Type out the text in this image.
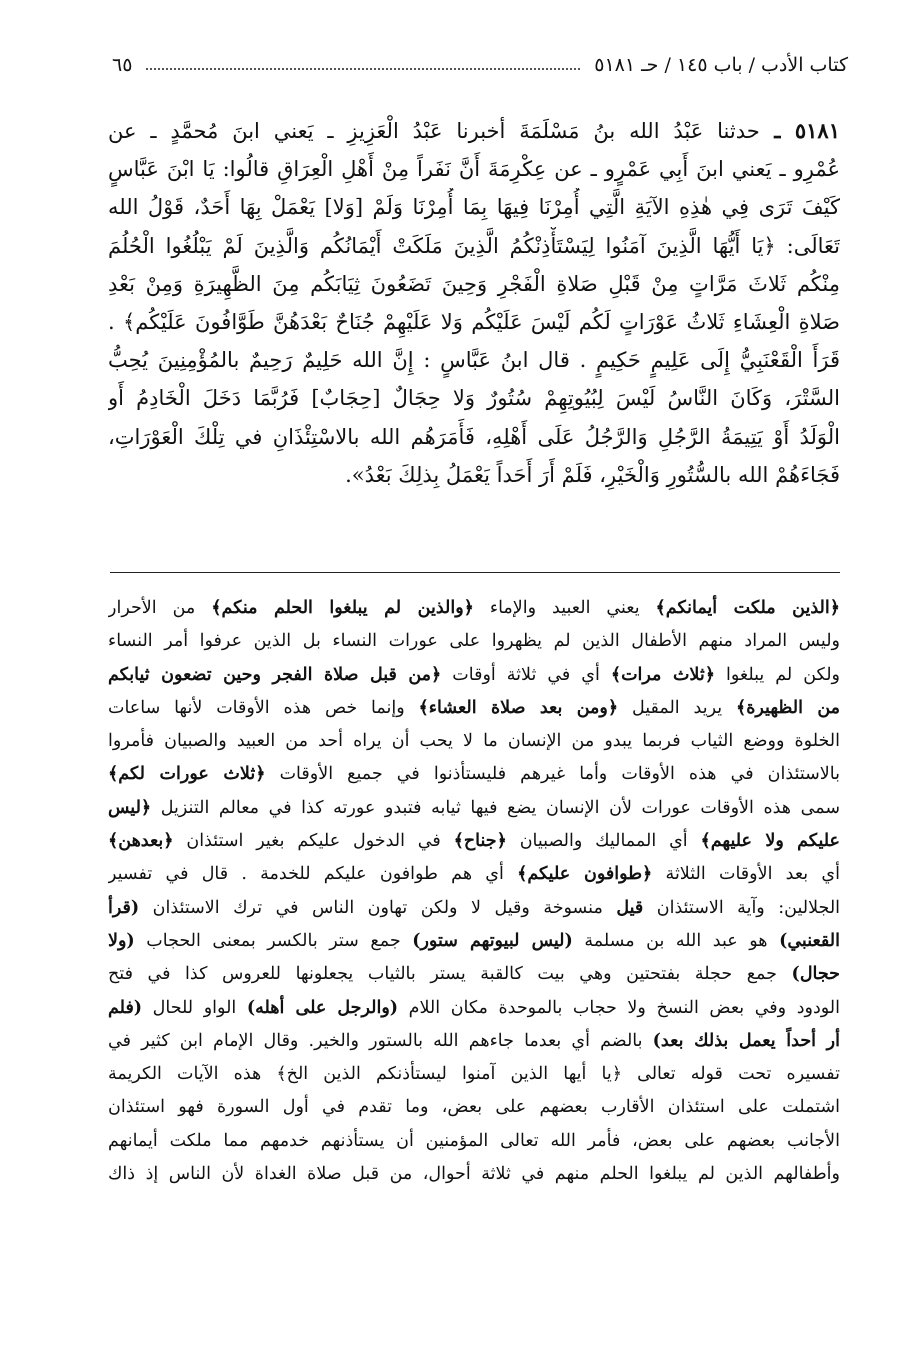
كتاب الأدب / باب ١٤٥ / حـ ٥١٨١
٦٥
٥١٨١ ـ حدثنا عَبْدُ الله بنُ مَسْلَمَةَ أخبرنا عَبْدُ الْعَزِيزِ ـ يَعني ابنَ مُحمَّدٍ ـ عن
عُمْرِو ـ يَعني ابنَ أَبِي عَمْرٍو ـ عن عِكْرِمَةَ أَنَّ نَفَراً مِنْ أَهْلِ الْعِرَاقِ قالُوا: يَا ابْنَ عَبَّاسٍ
كَيْفَ تَرَى فِي هٰذِهِ الآيَةِ الَّتِي أُمِرْنَا فِيهَا بِمَا أُمِرْنَا وَلَمْ [وَلا] يَعْمَلْ بِهَا أَحَدٌ، قَوْلُ الله
تَعَالَى: ﴿يَا أَيُّهَا الَّذِينَ آمَنُوا لِيَسْتَأْذِنْكُمُ الَّذِينَ مَلَكَتْ أَيْمَانُكُم وَالَّذِينَ لَمْ يَبْلُغُوا الْحُلُمَ
مِنْكُم ثَلاثَ مَرَّاتٍ مِنْ قَبْلِ صَلاةِ الْفَجْرِ وَحِينَ تَضَعُونَ ثِيَابَكُم مِنَ الظَّهِيرَةِ وَمِنْ بَعْدِ
صَلاةِ الْعِشَاءِ ثَلاثُ عَوْرَاتٍ لَكُم لَيْسَ عَلَيْكُم وَلا عَلَيْهِمْ جُنَاحٌ بَعْدَهُنَّ طَوَّافُونَ عَلَيْكُم﴾ .
قَرَأَ الْقَعْنَبِيُّ إِلَى عَلِيمٍ حَكِيمٍ . قال ابنُ عَبَّاسٍ : إِنَّ الله حَلِيمٌ رَحِيمٌ بالمُؤْمِنِينَ يُحِبُّ
السَّتْرَ، وَكَانَ النَّاسُ لَيْسَ لِبُيُوتِهِمْ سُتُورٌ وَلا حِجَالٌ [حِجَابٌ] فَرُبَّمَا دَخَلَ الْخَادِمُ أَو
الْوَلَدُ أَوْ يَتِيمَةُ الرَّجُلِ وَالرَّجُلُ عَلَى أَهْلِهِ، فَأَمَرَهُم الله بالاسْتِئْذَانِ في تِلْكَ الْعَوْرَاتِ،
فَجَاءَهُمْ الله بالسُّتُورِ وَالْخَيْرِ، فَلَمْ أَرَ أَحَداً يَعْمَلُ بِذلِكَ بَعْدُ».
﴿الذين ملكت أيمانكم﴾ يعني العبيد والإماء ﴿والذين لم يبلغوا الحلم منكم﴾ من الأحرار
وليس المراد منهم الأطفال الذين لم يظهروا على عورات النساء بل الذين عرفوا أمر النساء
ولكن لم يبلغوا ﴿ثلاث مرات﴾ أي في ثلاثة أوقات ﴿من قبل صلاة الفجر وحين تضعون ثيابكم
من الظهيرة﴾ يريد المقيل ﴿ومن بعد صلاة العشاء﴾ وإنما خص هذه الأوقات لأنها ساعات
الخلوة ووضع الثياب فربما يبدو من الإنسان ما لا يحب أن يراه أحد من العبيد والصبيان فأمروا
بالاستئذان في هذه الأوقات وأما غيرهم فليستأذنوا في جميع الأوقات ﴿ثلاث عورات لكم﴾
سمى هذه الأوقات عورات لأن الإنسان يضع فيها ثيابه فتبدو عورته كذا في معالم التنزيل ﴿ليس
عليكم ولا عليهم﴾ أي المماليك والصبيان ﴿جناح﴾ في الدخول عليكم بغير استئذان ﴿بعدهن﴾
أي بعد الأوقات الثلاثة ﴿طوافون عليكم﴾ أي هم طوافون عليكم للخدمة . قال في تفسير
الجلالين: وآية الاستئذان قيل منسوخة وقيل لا ولكن تهاون الناس في ترك الاستئذان (قرأ
القعنبي) هو عبد الله بن مسلمة (ليس لبيوتهم ستور) جمع ستر بالكسر بمعنى الحجاب (ولا
حجال) جمع حجلة بفتحتين وهي بيت كالقبة يستر بالثياب يجعلونها للعروس كذا في فتح
الودود وفي بعض النسخ ولا حجاب بالموحدة مكان اللام (والرجل على أهله) الواو للحال (فلم
أر أحداً يعمل بذلك بعد) بالضم أي بعدما جاءهم الله بالستور والخير. وقال الإمام ابن كثير في
تفسيره تحت قوله تعالى ﴿يا أيها الذين آمنوا ليستأذنكم الذين الخ﴾ هذه الآيات الكريمة
اشتملت على استئذان الأقارب بعضهم على بعض، وما تقدم في أول السورة فهو استئذان
الأجانب بعضهم على بعض، فأمر الله تعالى المؤمنين أن يستأذنهم خدمهم مما ملكت أيمانهم
وأطفالهم الذين لم يبلغوا الحلم منهم في ثلاثة أحوال، من قبل صلاة الغداة لأن الناس إذ ذاك
